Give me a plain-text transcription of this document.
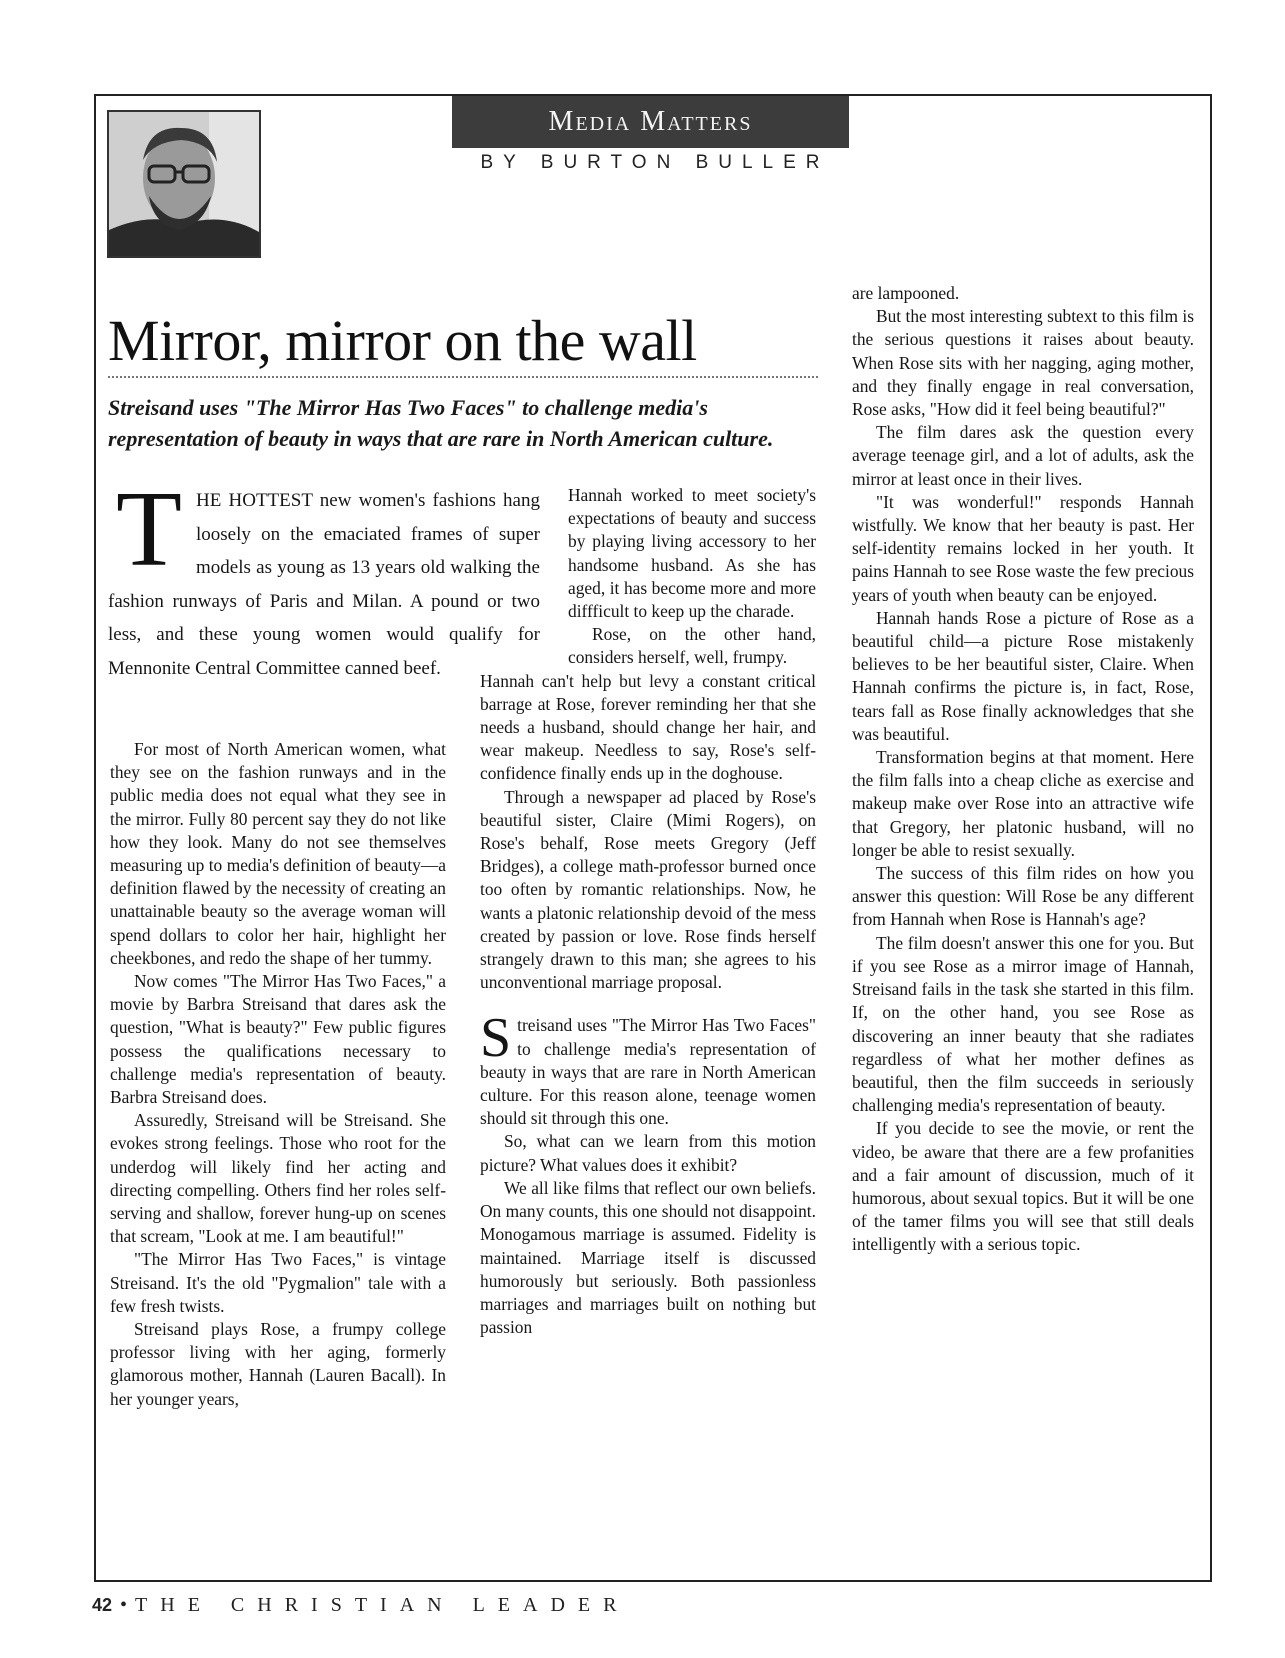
Media Matters
BY BURTON BULLER
Mirror, mirror on the wall

Streisand uses "The Mirror Has Two Faces" to challenge media's representation of beauty in ways that are rare in North American culture.

T HE HOTTEST new women's fashions hang loosely on the emaciated frames of super models as young as 13 years old walking the fashion runways of Paris and Milan. A pound or two less, and these young women would qualify for Mennonite Central Committee canned beef.

For most of North American women, what they see on the fashion runways and in the public media does not equal what they see in the mirror. Fully 80 percent say they do not like how they look. Many do not see themselves measuring up to media's definition of beauty—a definition flawed by the necessity of creating an unattainable beauty so the average woman will spend dollars to color her hair, highlight her cheekbones, and redo the shape of her tummy.

Now comes "The Mirror Has Two Faces," a movie by Barbra Streisand that dares ask the question, "What is beauty?" Few public figures possess the qualifications necessary to challenge media's representation of beauty. Barbra Streisand does.

Assuredly, Streisand will be Streisand. She evokes strong feelings. Those who root for the underdog will likely find her acting and directing compelling. Others find her roles self-serving and shallow, forever hung-up on scenes that scream, "Look at me. I am beautiful!"

"The Mirror Has Two Faces," is vintage Streisand. It's the old "Pygmalion" tale with a few fresh twists.

Streisand plays Rose, a frumpy college professor living with her aging, formerly glamorous mother, Hannah (Lauren Bacall). In her younger years,

Hannah worked to meet society's expectations of beauty and success by playing living accessory to her handsome husband. As she has aged, it has become more and more diffficult to keep up the charade.

Rose, on the other hand, considers herself, well, frumpy.

Hannah can't help but levy a constant critical barrage at Rose, forever reminding her that she needs a husband, should change her hair, and wear makeup. Needless to say, Rose's self-confidence finally ends up in the doghouse.

Through a newspaper ad placed by Rose's beautiful sister, Claire (Mimi Rogers), on Rose's behalf, Rose meets Gregory (Jeff Bridges), a college math-professor burned once too often by romantic relationships. Now, he wants a platonic relationship devoid of the mess created by passion or love. Rose finds herself strangely drawn to this man; she agrees to his unconventional marriage proposal.

S treisand uses "The Mirror Has Two Faces" to challenge media's representation of beauty in ways that are rare in North American culture. For this reason alone, teenage women should sit through this one.

So, what can we learn from this motion picture? What values does it exhibit?

We all like films that reflect our own beliefs. On many counts, this one should not disappoint. Monogamous marriage is assumed. Fidelity is maintained. Marriage itself is discussed humorously but seriously. Both passionless marriages and marriages built on nothing but passion

are lampooned.

But the most interesting subtext to this film is the serious questions it raises about beauty. When Rose sits with her nagging, aging mother, and they finally engage in real conversation, Rose asks, "How did it feel being beautiful?"

The film dares ask the question every average teenage girl, and a lot of adults, ask the mirror at least once in their lives.

"It was wonderful!" responds Hannah wistfully. We know that her beauty is past. Her self-identity remains locked in her youth. It pains Hannah to see Rose waste the few precious years of youth when beauty can be enjoyed.

Hannah hands Rose a picture of Rose as a beautiful child—a picture Rose mistakenly believes to be her beautiful sister, Claire. When Hannah confirms the picture is, in fact, Rose, tears fall as Rose finally acknowledges that she was beautiful.

Transformation begins at that moment. Here the film falls into a cheap cliche as exercise and makeup make over Rose into an attractive wife that Gregory, her platonic husband, will no longer be able to resist sexually.

The success of this film rides on how you answer this question: Will Rose be any different from Hannah when Rose is Hannah's age?

The film doesn't answer this one for you. But if you see Rose as a mirror image of Hannah, Streisand fails in the task she started in this film. If, on the other hand, you see Rose as discovering an inner beauty that she radiates regardless of what her mother defines as beautiful, then the film succeeds in seriously challenging media's representation of beauty.

If you decide to see the movie, or rent the video, be aware that there are a few profanities and a fair amount of discussion, much of it humorous, about sexual topics. But it will be one of the tamer films you will see that still deals intelligently with a serious topic.

42 • THE CHRISTIAN LEADER
